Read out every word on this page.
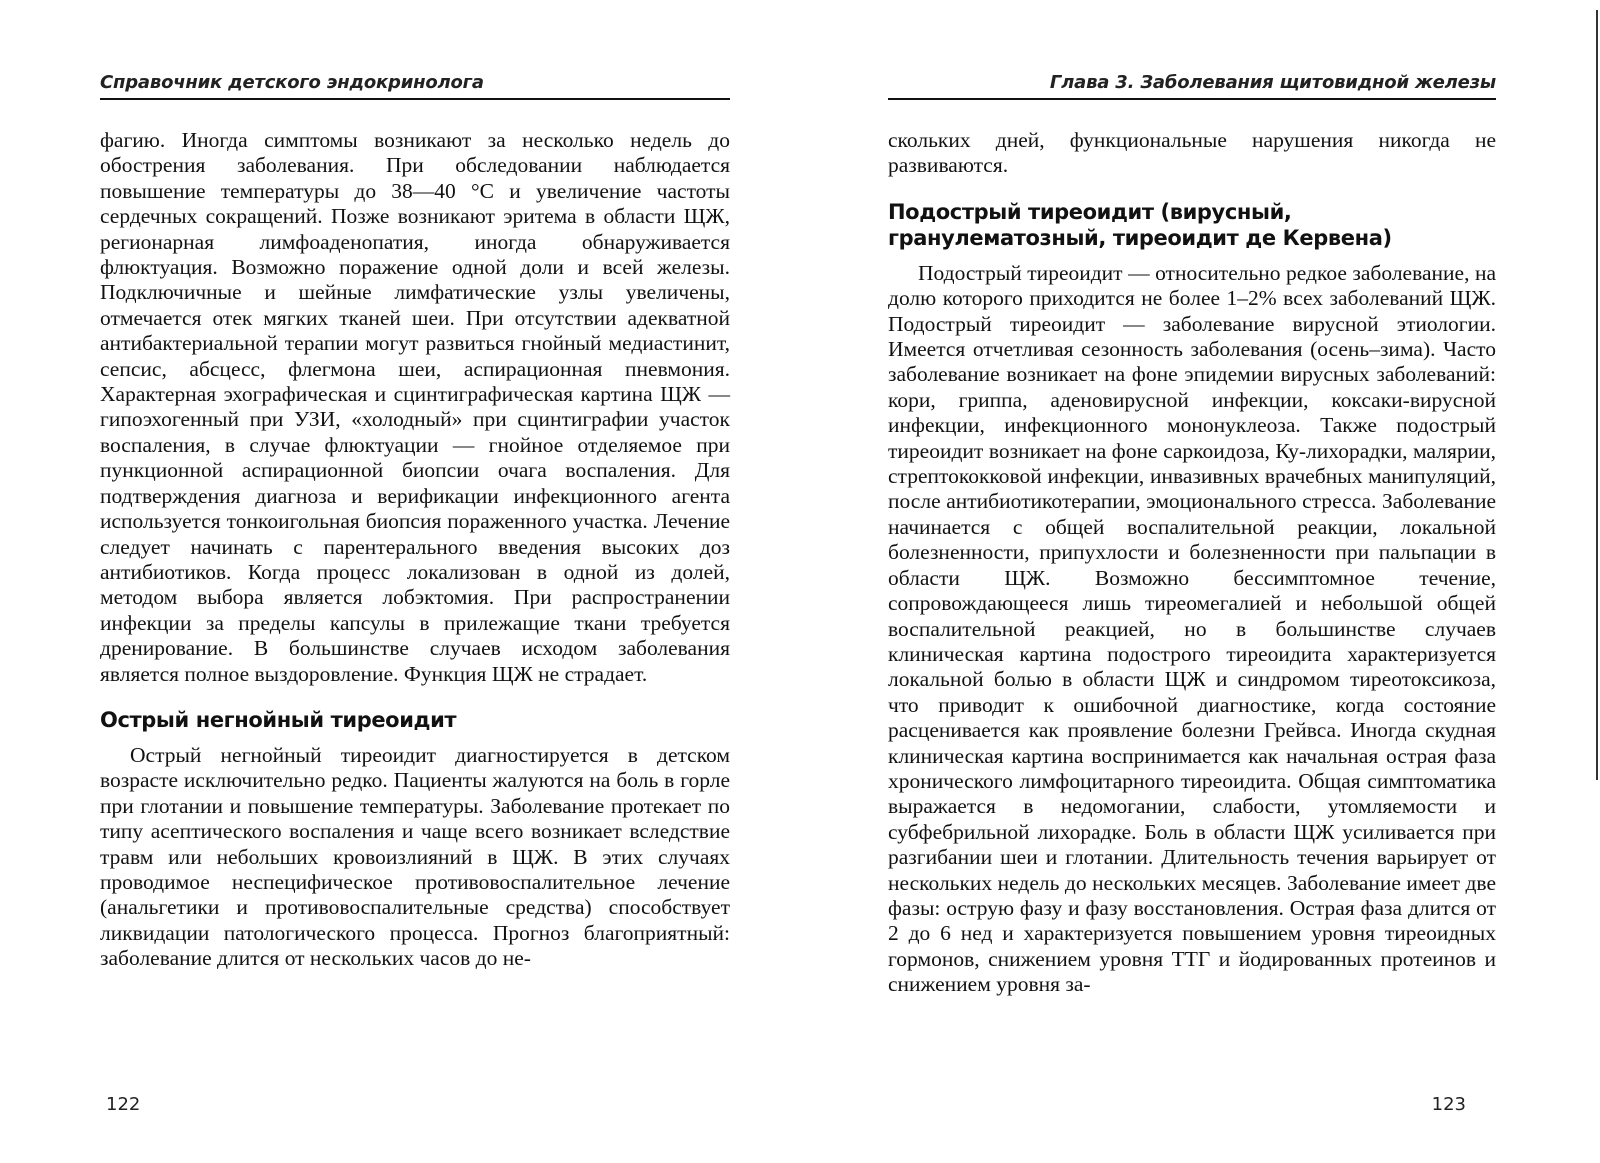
Справочник детского эндокринолога

фагию. Иногда симптомы возникают за несколько недель до обострения заболевания. При обследовании наблюдается повышение температуры до 38—40 °С и увеличение частоты сердечных сокращений. Позже возникают эритема в области ЩЖ, регионарная лимфоаденопатия, иногда обнаруживается флюктуация. Возможно поражение одной доли и всей железы. Подключичные и шейные лимфатические узлы увеличены, отмечается отек мягких тканей шеи. При отсутствии адекватной антибактериальной терапии могут развиться гнойный медиастинит, сепсис, абсцесс, флегмона шеи, аспирационная пневмония. Характерная эхографическая и сцинтиграфическая картина ЩЖ — гипоэхогенный при УЗИ, «холодный» при сцинтиграфии участок воспаления, в случае флюктуации — гнойное отделяемое при пункционной аспирационной биопсии очага воспаления. Для подтверждения диагноза и верификации инфекционного агента используется тонкоигольная биопсия пораженного участка. Лечение следует начинать с парентерального введения высоких доз антибиотиков. Когда процесс локализован в одной из долей, методом выбора является лобэктомия. При распространении инфекции за пределы капсулы в прилежащие ткани требуется дренирование. В большинстве случаев исходом заболевания является полное выздоровление. Функция ЩЖ не страдает.

Острый негнойный тиреоидит

Острый негнойный тиреоидит диагностируется в детском возрасте исключительно редко. Пациенты жалуются на боль в горле при глотании и повышение температуры. Заболевание протекает по типу асептического воспаления и чаще всего возникает вследствие травм или небольших кровоизлияний в ЩЖ. В этих случаях проводимое неспецифическое противовоспалительное лечение (анальгетики и противовоспалительные средства) способствует ликвидации патологического процесса. Прогноз благоприятный: заболевание длится от нескольких часов до не-

122
Глава 3. Заболевания щитовидной железы

скольких дней, функциональные нарушения никогда не развиваются.

Подострый тиреоидит (вирусный, гранулематозный, тиреоидит де Кервена)

Подострый тиреоидит — относительно редкое заболевание, на долю которого приходится не более 1–2% всех заболеваний ЩЖ. Подострый тиреоидит — заболевание вирусной этиологии. Имеется отчетливая сезонность заболевания (осень–зима). Часто заболевание возникает на фоне эпидемии вирусных заболеваний: кори, гриппа, аденовирусной инфекции, коксаки-вирусной инфекции, инфекционного мононуклеоза. Также подострый тиреоидит возникает на фоне саркоидоза, Ку-лихорадки, малярии, стрептококковой инфекции, инвазивных врачебных манипуляций, после антибиотикотерапии, эмоционального стресса. Заболевание начинается с общей воспалительной реакции, локальной болезненности, припухлости и болезненности при пальпации в области ЩЖ. Возможно бессимптомное течение, сопровождающееся лишь тиреомегалией и небольшой общей воспалительной реакцией, но в большинстве случаев клиническая картина подострого тиреоидита характеризуется локальной болью в области ЩЖ и синдромом тиреотоксикоза, что приводит к ошибочной диагностике, когда состояние расценивается как проявление болезни Грейвса. Иногда скудная клиническая картина воспринимается как начальная острая фаза хронического лимфоцитарного тиреоидита. Общая симптоматика выражается в недомогании, слабости, утомляемости и субфебрильной лихорадке. Боль в области ЩЖ усиливается при разгибании шеи и глотании. Длительность течения варьирует от нескольких недель до нескольких месяцев. Заболевание имеет две фазы: острую фазу и фазу восстановления. Острая фаза длится от 2 до 6 нед и характеризуется повышением уровня тиреоидных гормонов, снижением уровня ТТГ и йодированных протеинов и снижением уровня за-

123
